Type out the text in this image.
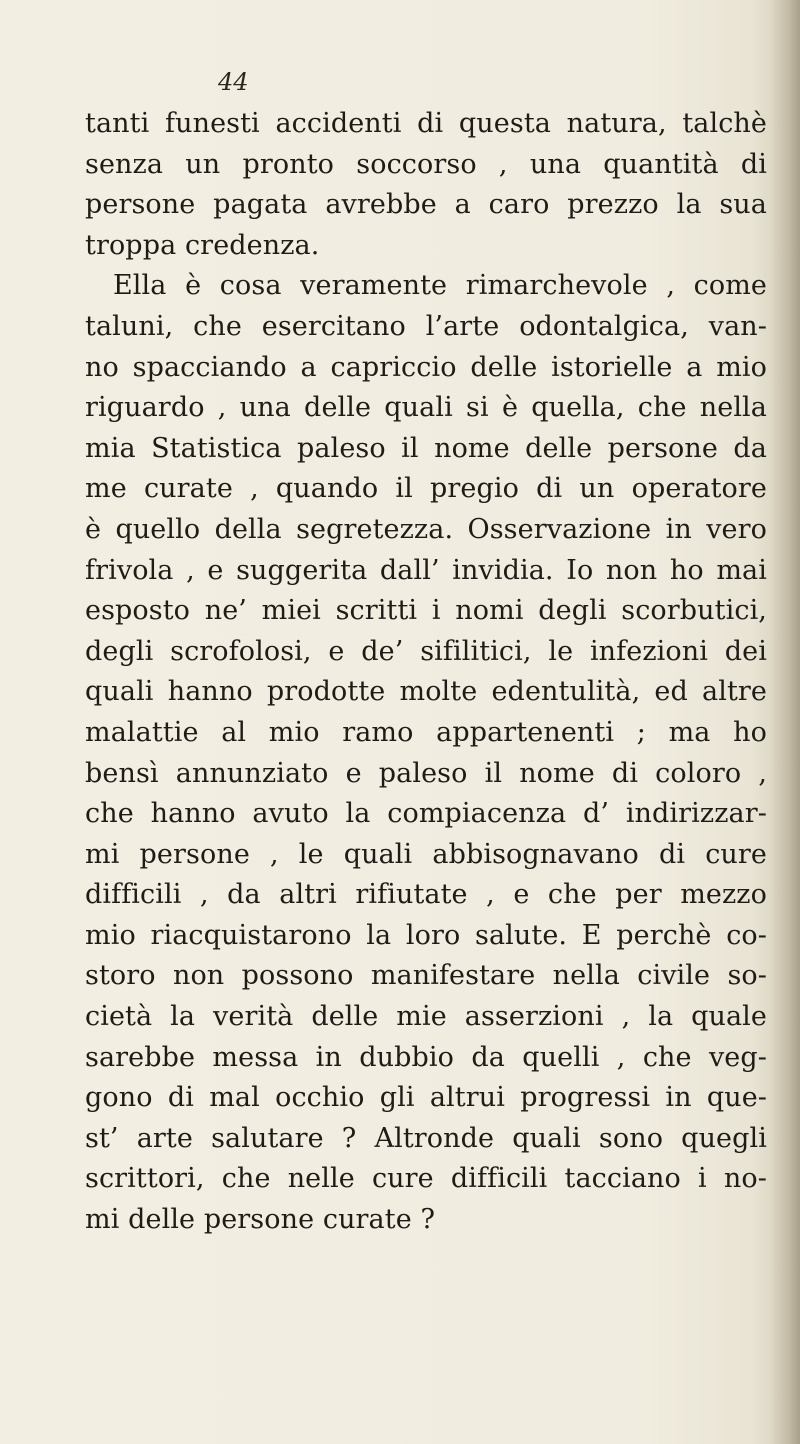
44
tanti funesti accidenti di questa natura, talchè
senza un pronto soccorso , una quantità di
persone pagata avrebbe a caro prezzo la sua
troppa credenza.
Ella è cosa veramente rimarchevole , come
taluni, che esercitano l’arte odontalgica, van-
no spacciando a capriccio delle istorielle a mio
riguardo , una delle quali si è quella, che nella
mia Statistica paleso il nome delle persone da
me curate , quando il pregio di un operatore
è quello della segretezza. Osservazione in vero
frivola , e suggerita dall’ invidia. Io non ho mai
esposto ne’ miei scritti i nomi degli scorbutici,
degli scrofolosi, e de’ sifilitici, le infezioni dei
quali hanno prodotte molte edentulità, ed altre
malattie al mio ramo appartenenti ; ma ho
bensì annunziato e paleso il nome di coloro ,
che hanno avuto la compiacenza d’ indirizzar-
mi persone , le quali abbisognavano di cure
difficili , da altri rifiutate , e che per mezzo
mio riacquistarono la loro salute. E perchè co-
storo non possono manifestare nella civile so-
cietà la verità delle mie asserzioni , la quale
sarebbe messa in dubbio da quelli , che veg-
gono di mal occhio gli altrui progressi in que-
st’ arte salutare ? Altronde quali sono quegli
scrittori, che nelle cure difficili tacciano i no-
mi delle persone curate ?
